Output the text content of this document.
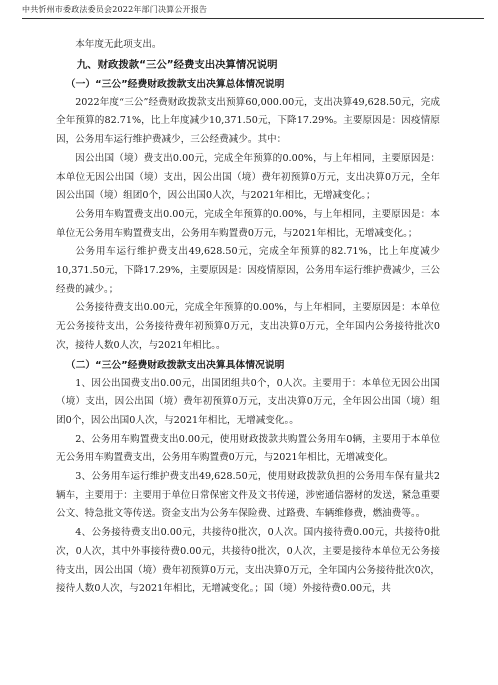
中共忻州市委政法委员会2022年部门决算公开报告

本年度无此项支出。

九、财政拨款“三公”经费支出决算情况说明
（一）“三公”经费财政拨款支出决算总体情况说明

2022年度“三公”经费财政拨款支出预算60,000.00元，支出决算49,628.50元，完成全年预算的82.71%，比上年度减少10,371.50元，下降17.29%。主要原因是：因疫情原因，公务用车运行维护费减少，三公经费减少。其中：

因公出国（境）费支出0.00元，完成全年预算的0.00%，与上年相同，主要原因是：本单位无因公出国（境）支出，因公出国（境）费年初预算0万元，支出决算0万元，全年因公出国（境）组团0个，因公出国0人次，与2021年相比，无增减变化。；

公务用车购置费支出0.00元，完成全年预算的0.00%，与上年相同，主要原因是：本单位无公务用车购置费支出，公务用车购置费0万元，与2021年相比，无增减变化。；

公务用车运行维护费支出49,628.50元，完成全年预算的82.71%，比上年度减少10,371.50元，下降17.29%，主要原因是：因疫情原因，公务用车运行维护费减少，三公经费的减少。；

公务接待费支出0.00元，完成全年预算的0.00%，与上年相同，主要原因是：本单位无公务接待支出，公务接待费年初预算0万元，支出决算0万元，全年国内公务接待批次0次，接待人数0人次，与2021年相比。。

（二）“三公”经费财政拨款支出决算具体情况说明

1、因公出国费支出0.00元，出国团组共0个，0人次。主要用于：本单位无因公出国（境）支出，因公出国（境）费年初预算0万元，支出决算0万元，全年因公出国（境）组团0个，因公出国0人次，与2021年相比，无增减变化。。

2、公务用车购置费支出0.00元，使用财政拨款共购置公务用车0辆，主要用于本单位无公务用车购置费支出，公务用车购置费0万元，与2021年相比，无增减变化。

3、公务用车运行维护费支出49,628.50元，使用财政拨款负担的公务用车保有量共2辆车，主要用于：主要用于单位日常保密文件及文书传递，涉密通信器材的发送，紧急重要公文、特急批文等传送。资金支出为公务车保险费、过路费、车辆维修费，燃油费等。。

4、公务接待费支出0.00元，共接待0批次，0人次。国内接待费0.00元，共接待0批次，0人次，其中外事接待费0.00元，共接待0批次，0人次，主要是接待本单位无公务接待支出，因公出国（境）费年初预算0万元，支出决算0万元，全年国内公务接待批次0次，接待人数0人次，与2021年相比，无增减变化。；国（境）外接待费0.00元，共
